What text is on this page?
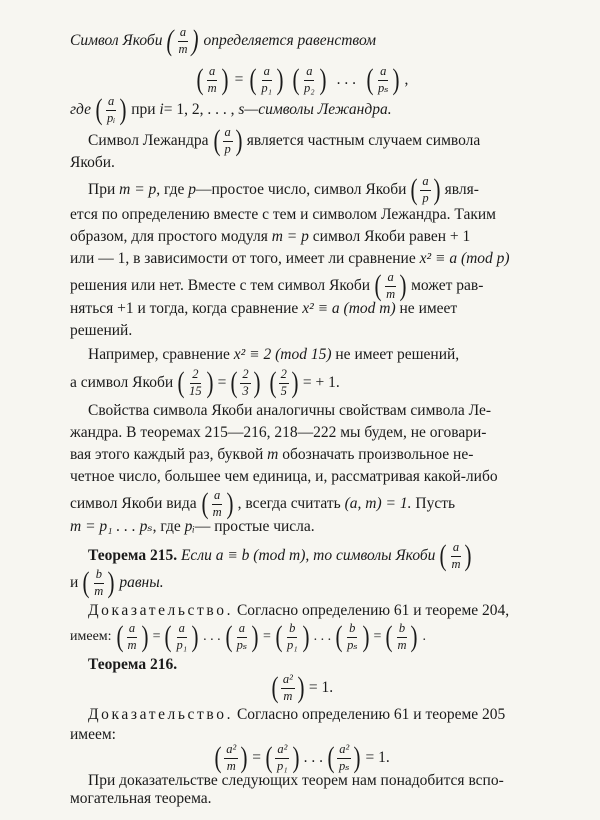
Символ Якоби ( $\frac{a}{m}$ ) определяется равенством
( $\frac{a}{m}$ ) = ( $\frac{a}{\text{p₁}}$ ) ( $\frac{a}{\text{p₂}}$ ) . . . ( $\frac{a}{\text{pₛ}}$ ) ,
где ( $\frac{a}{\text{pᵢ}}$ ) при
i = 1, 2, . . . ,
s —символы Лежандра.
Символ Лежандра ( $\frac{a}{p}$ ) является частным случаем символа
Якоби.
При
m = p , где
p —простое число, символ Якоби ( $\frac{a}{p}$ ) явля-
ется по определению вместе с тем и символом Лежандра. Таким
образом, для простого модуля
m = p
символ Якоби равен + 1
или — 1, в зависимости от того, имеет ли сравнение
x² ≡ a (mod p)
решения или нет. Вместе с тем символ Якоби ( $\frac{a}{m}$ ) может рав-
няться +1 и тогда, когда сравнение
x² ≡ a (mod m)
не имеет
решений.
Например, сравнение
x² ≡ 2 (mod 15)
не имеет решений,
а символ Якоби ( $\frac{2}{15}$ ) = ( $\frac{2}{3}$ ) ( $\frac{2}{5}$ ) = + 1.
Свойства символа Якоби аналогичны свойствам символа Ле-
жандра. В теоремах 215—216, 218—222 мы будем, не оговари-
вая этого каждый раз, буквой
m
обозначать произвольное не-
четное число, большее чем единица, и, рассматривая какой-либо
символ Якоби вида ( $\frac{a}{m}$ ) , всегда считать
(a, m) = 1.
Пусть
m = p₁ . . . pₛ , где
pᵢ — простые числа.
Теорема 215.
Если
a ≡ b (mod m),
то символы Якоби ( $\frac{a}{m}$ )
и ( $\frac{b}{m}$ ) равны.
Доказательство.
Согласно определению 61 и теореме 204,
имеем: ( $\frac{a}{m}$ ) = ( $\frac{a}{\text{p₁}}$ ) . . . ( $\frac{a}{\text{pₛ}}$ ) = ( $\frac{b}{\text{p₁}}$ ) . . . ( $\frac{b}{\text{pₛ}}$ ) = ( $\frac{b}{m}$ ) .
Теорема 216.
( $\frac{\text{a²}}{m}$ ) = 1.
Доказательство.
Согласно определению 61 и теореме 205
имеем:
( $\frac{\text{a²}}{m}$ ) = ( $\frac{\text{a²}}{\text{p₁}}$ ) . . . ( $\frac{\text{a²}}{\text{pₛ}}$ ) = 1.
При доказательстве следующих теорем нам понадобится вспо-
могательная теорема.
